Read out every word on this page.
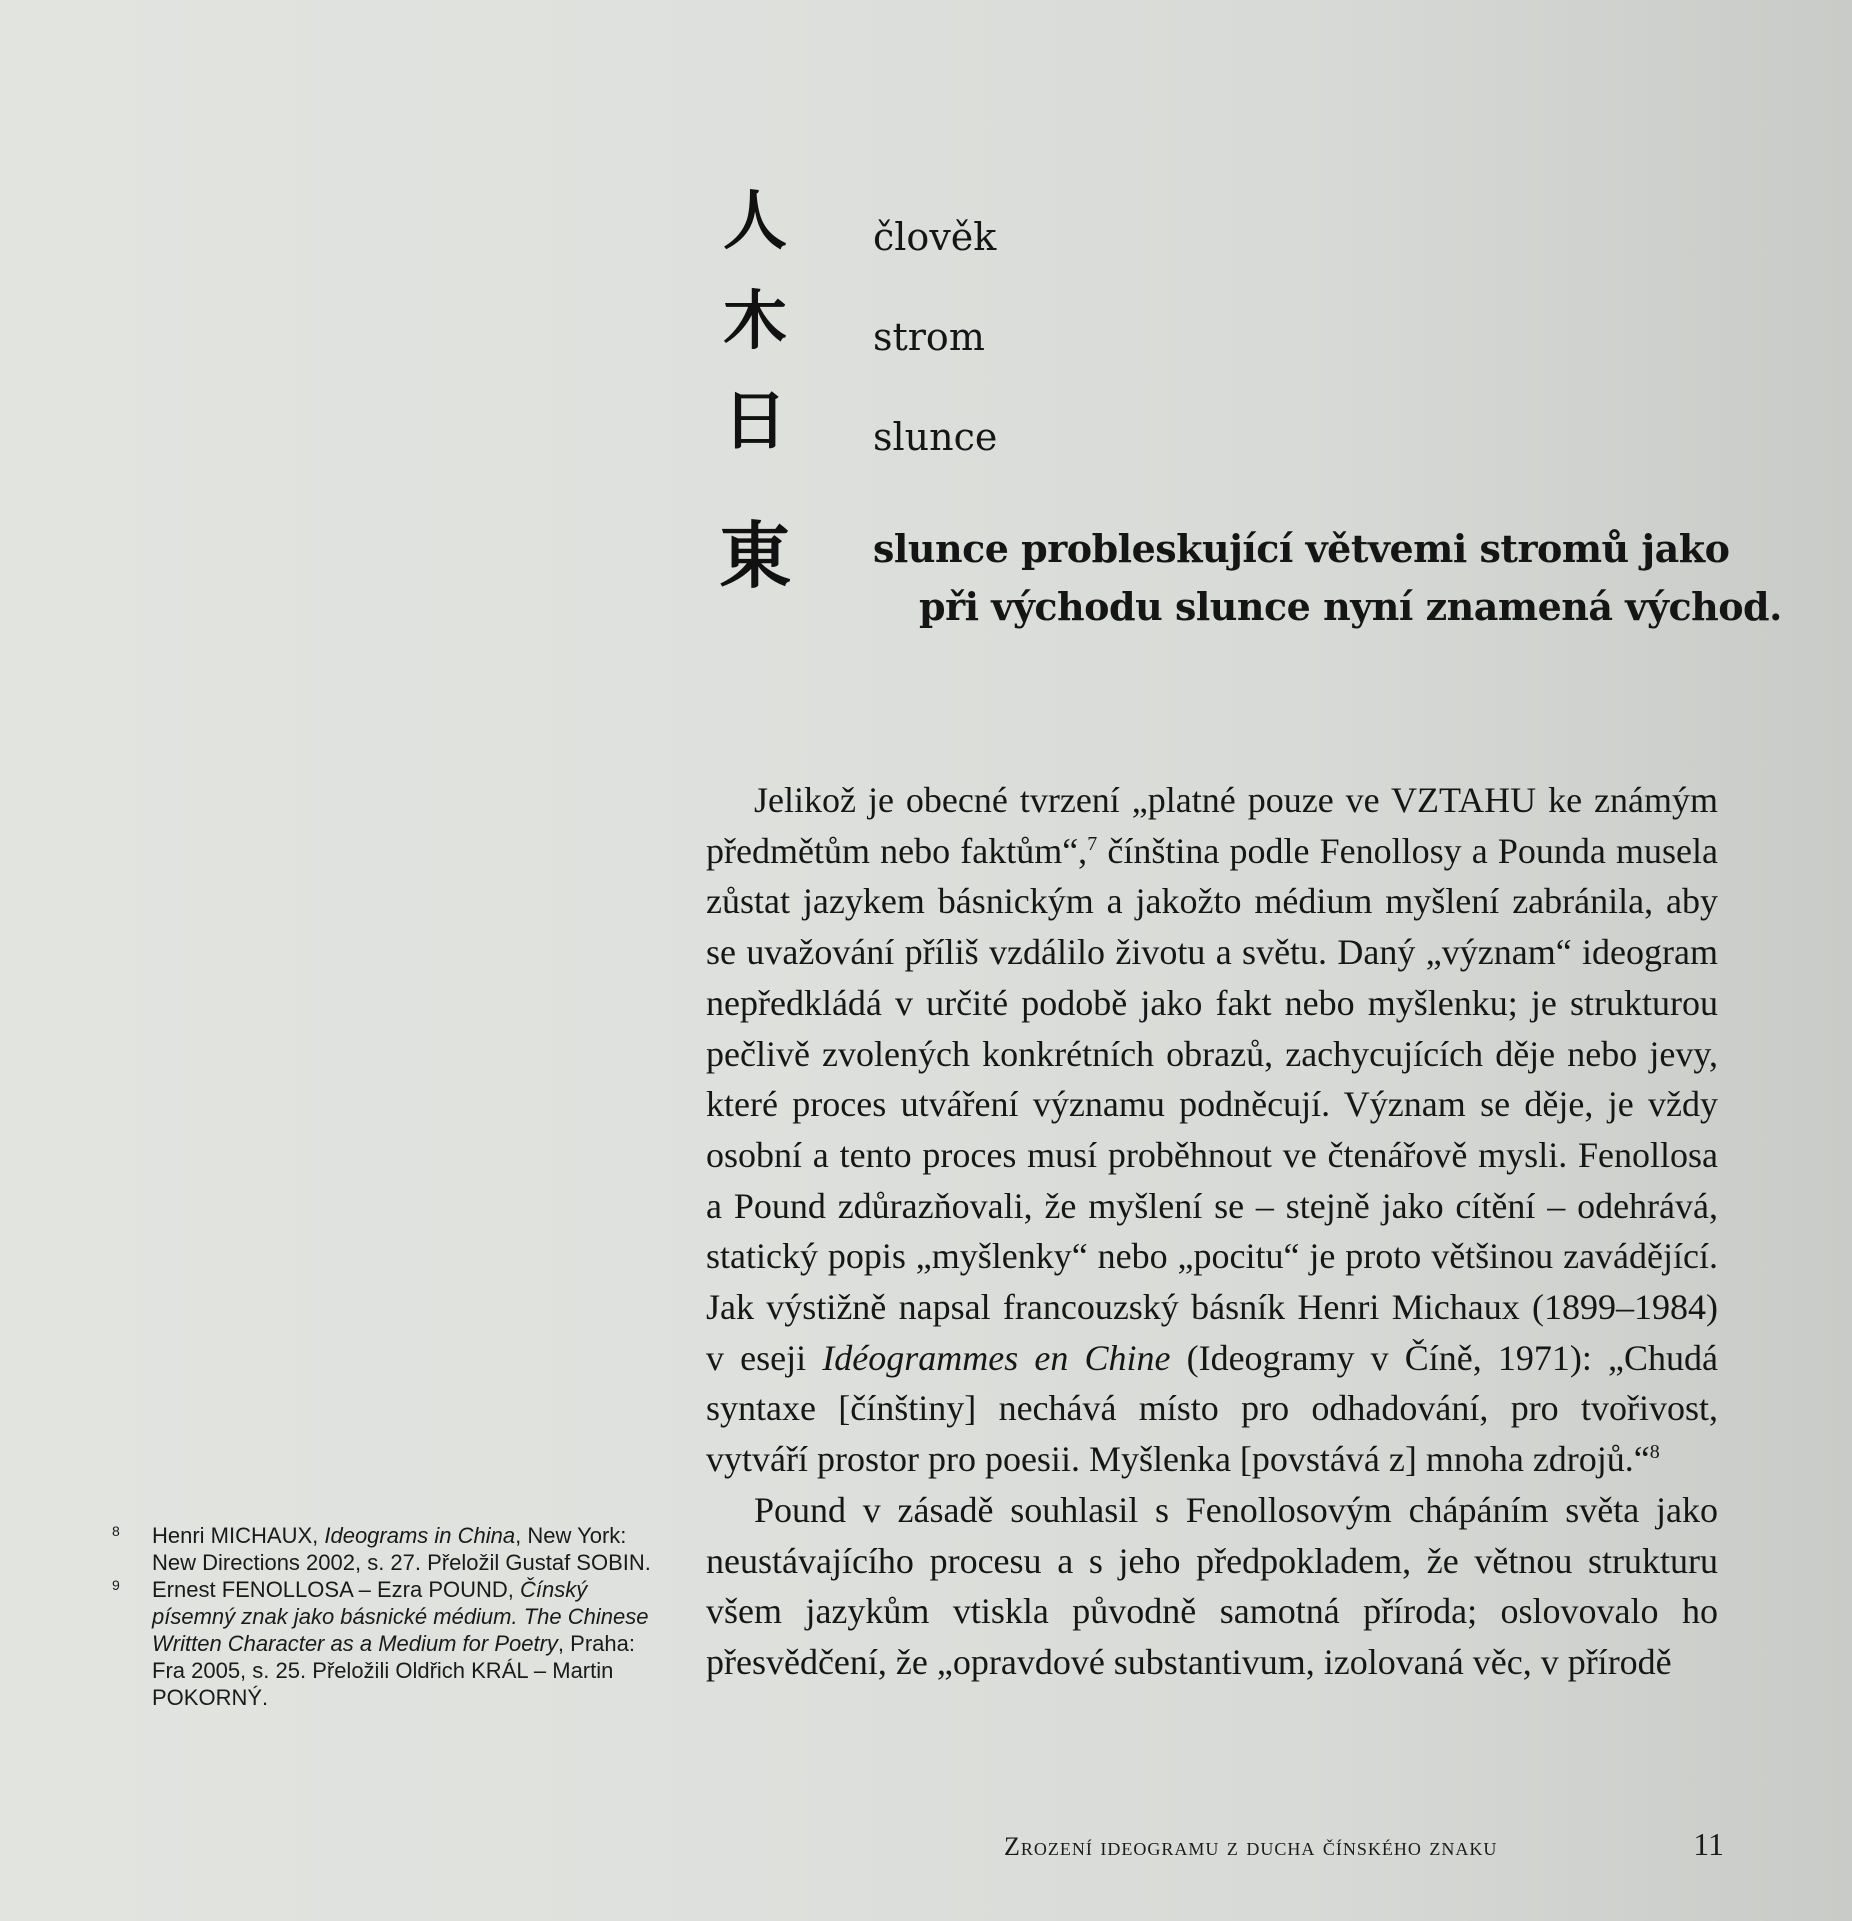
人	člověk
木	strom
日	slunce
東	slunce probleskující větvemi stromů jako
při východu slunce nyní znamená východ.

Jelikož je obecné tvrzení „platné pouze ve VZTAHU ke známým předmětům nebo faktům“,$^7$ čínština podle Fenollosy a Pounda musela zůstat jazykem básnickým a jakožto médium myšlení zabránila, aby se uvažování příliš vzdálilo životu a světu. Daný „význam“ ideogram nepředkládá v určité podobě jako fakt nebo myšlenku; je strukturou pečlivě zvolených konkrétních obrazů, zachycujících děje nebo jevy, které proces utváření významu podněcují. Význam se děje, je vždy osobní a tento proces musí proběhnout ve čtenářově mysli. Fenollosa a Pound zdůrazňovali, že myšlení se – stejně jako cítění – odehrává, statický popis „myšlenky“ nebo „pocitu“ je proto většinou zavádějící. Jak výstižně napsal francouzský básník Henri Michaux (1899–1984) v eseji Idéogrammes en Chine (Ideogramy v Číně, 1971): „Chudá syntaxe [čínštiny] nechává místo pro odhadování, pro tvořivost, vytváří prostor pro poesii. Myšlenka [povstává z] mnoha zdrojů.“$^8$

Pound v zásadě souhlasil s Fenollosovým chápáním světa jako neustávajícího procesu a s jeho předpokladem, že větnou strukturu všem jazykům vtiskla původně samotná příroda; oslovovalo ho přesvědčení, že „opravdové substantivum, izolovaná věc, v přírodě

8 Henri MICHAUX, Ideograms in China, New York: New Directions 2002, s. 27. Přeložil Gustaf SOBIN.

9 Ernest FENOLLOSA – Ezra POUND, Čínský písemný znak jako básnické médium. The Chinese Written Character as a Medium for Poetry, Praha: Fra 2005, s. 25. Přeložili Oldřich KRÁL – Martin POKORNÝ.

Zrození ideogramu z ducha čínského znaku	11
